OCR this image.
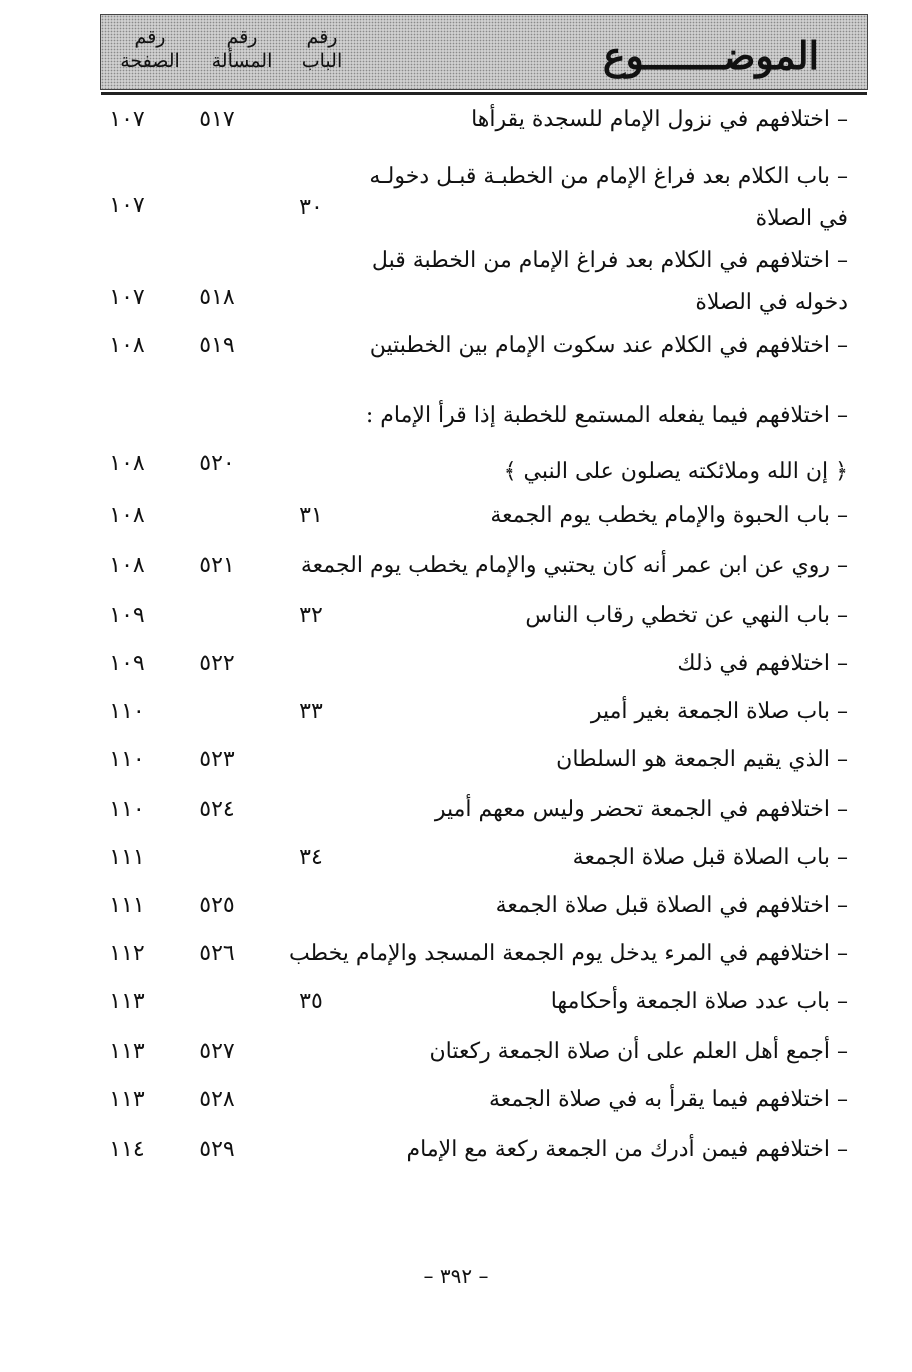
الموضـــــــوع
رقم
الباب
رقم
المسألة
رقم
الصفحة
– اختلافهم في نزول الإمام للسجدة يقرأها
٥١٧
١٠٧
– باب الكلام بعد فراغ الإمام من الخطبـة قبـل دخولـه في الصلاة
٣٠
١٠٧
– اختلافهم في الكلام بعد فراغ الإمام من الخطبة قبل دخوله في الصلاة
٥١٨
١٠٧
– اختلافهم في الكلام عند سكوت الإمام بين الخطبتين
٥١٩
١٠٨
– اختلافهم فيما يفعله المستمع للخطبة إذا قرأ الإمام : ﴿ إن الله وملائكته يصلون على النبي ﴾
٥٢٠
١٠٨
– باب الحبوة والإمام يخطب يوم الجمعة
٣١
١٠٨
– روي عن ابن عمر أنه كان يحتبي والإمام يخطب يوم الجمعة
٥٢١
١٠٨
– باب النهي عن تخطي رقاب الناس
٣٢
١٠٩
– اختلافهم في ذلك
٥٢٢
١٠٩
– باب صلاة الجمعة بغير أمير
٣٣
١١٠
– الذي يقيم الجمعة هو السلطان
٥٢٣
١١٠
– اختلافهم في الجمعة تحضر وليس معهم أمير
٥٢٤
١١٠
– باب الصلاة قبل صلاة الجمعة
٣٤
١١١
– اختلافهم في الصلاة قبل صلاة الجمعة
٥٢٥
١١١
– اختلافهم في المرء يدخل يوم الجمعة المسجد والإمام يخطب
٥٢٦
١١٢
– باب عدد صلاة الجمعة وأحكامها
٣٥
١١٣
– أجمع أهل العلم على أن صلاة الجمعة ركعتان
٥٢٧
١١٣
– اختلافهم فيما يقرأ به في صلاة الجمعة
٥٢٨
١١٣
– اختلافهم فيمن أدرك من الجمعة ركعة مع الإمام
٥٢٩
١١٤
– ٣٩٢ –
